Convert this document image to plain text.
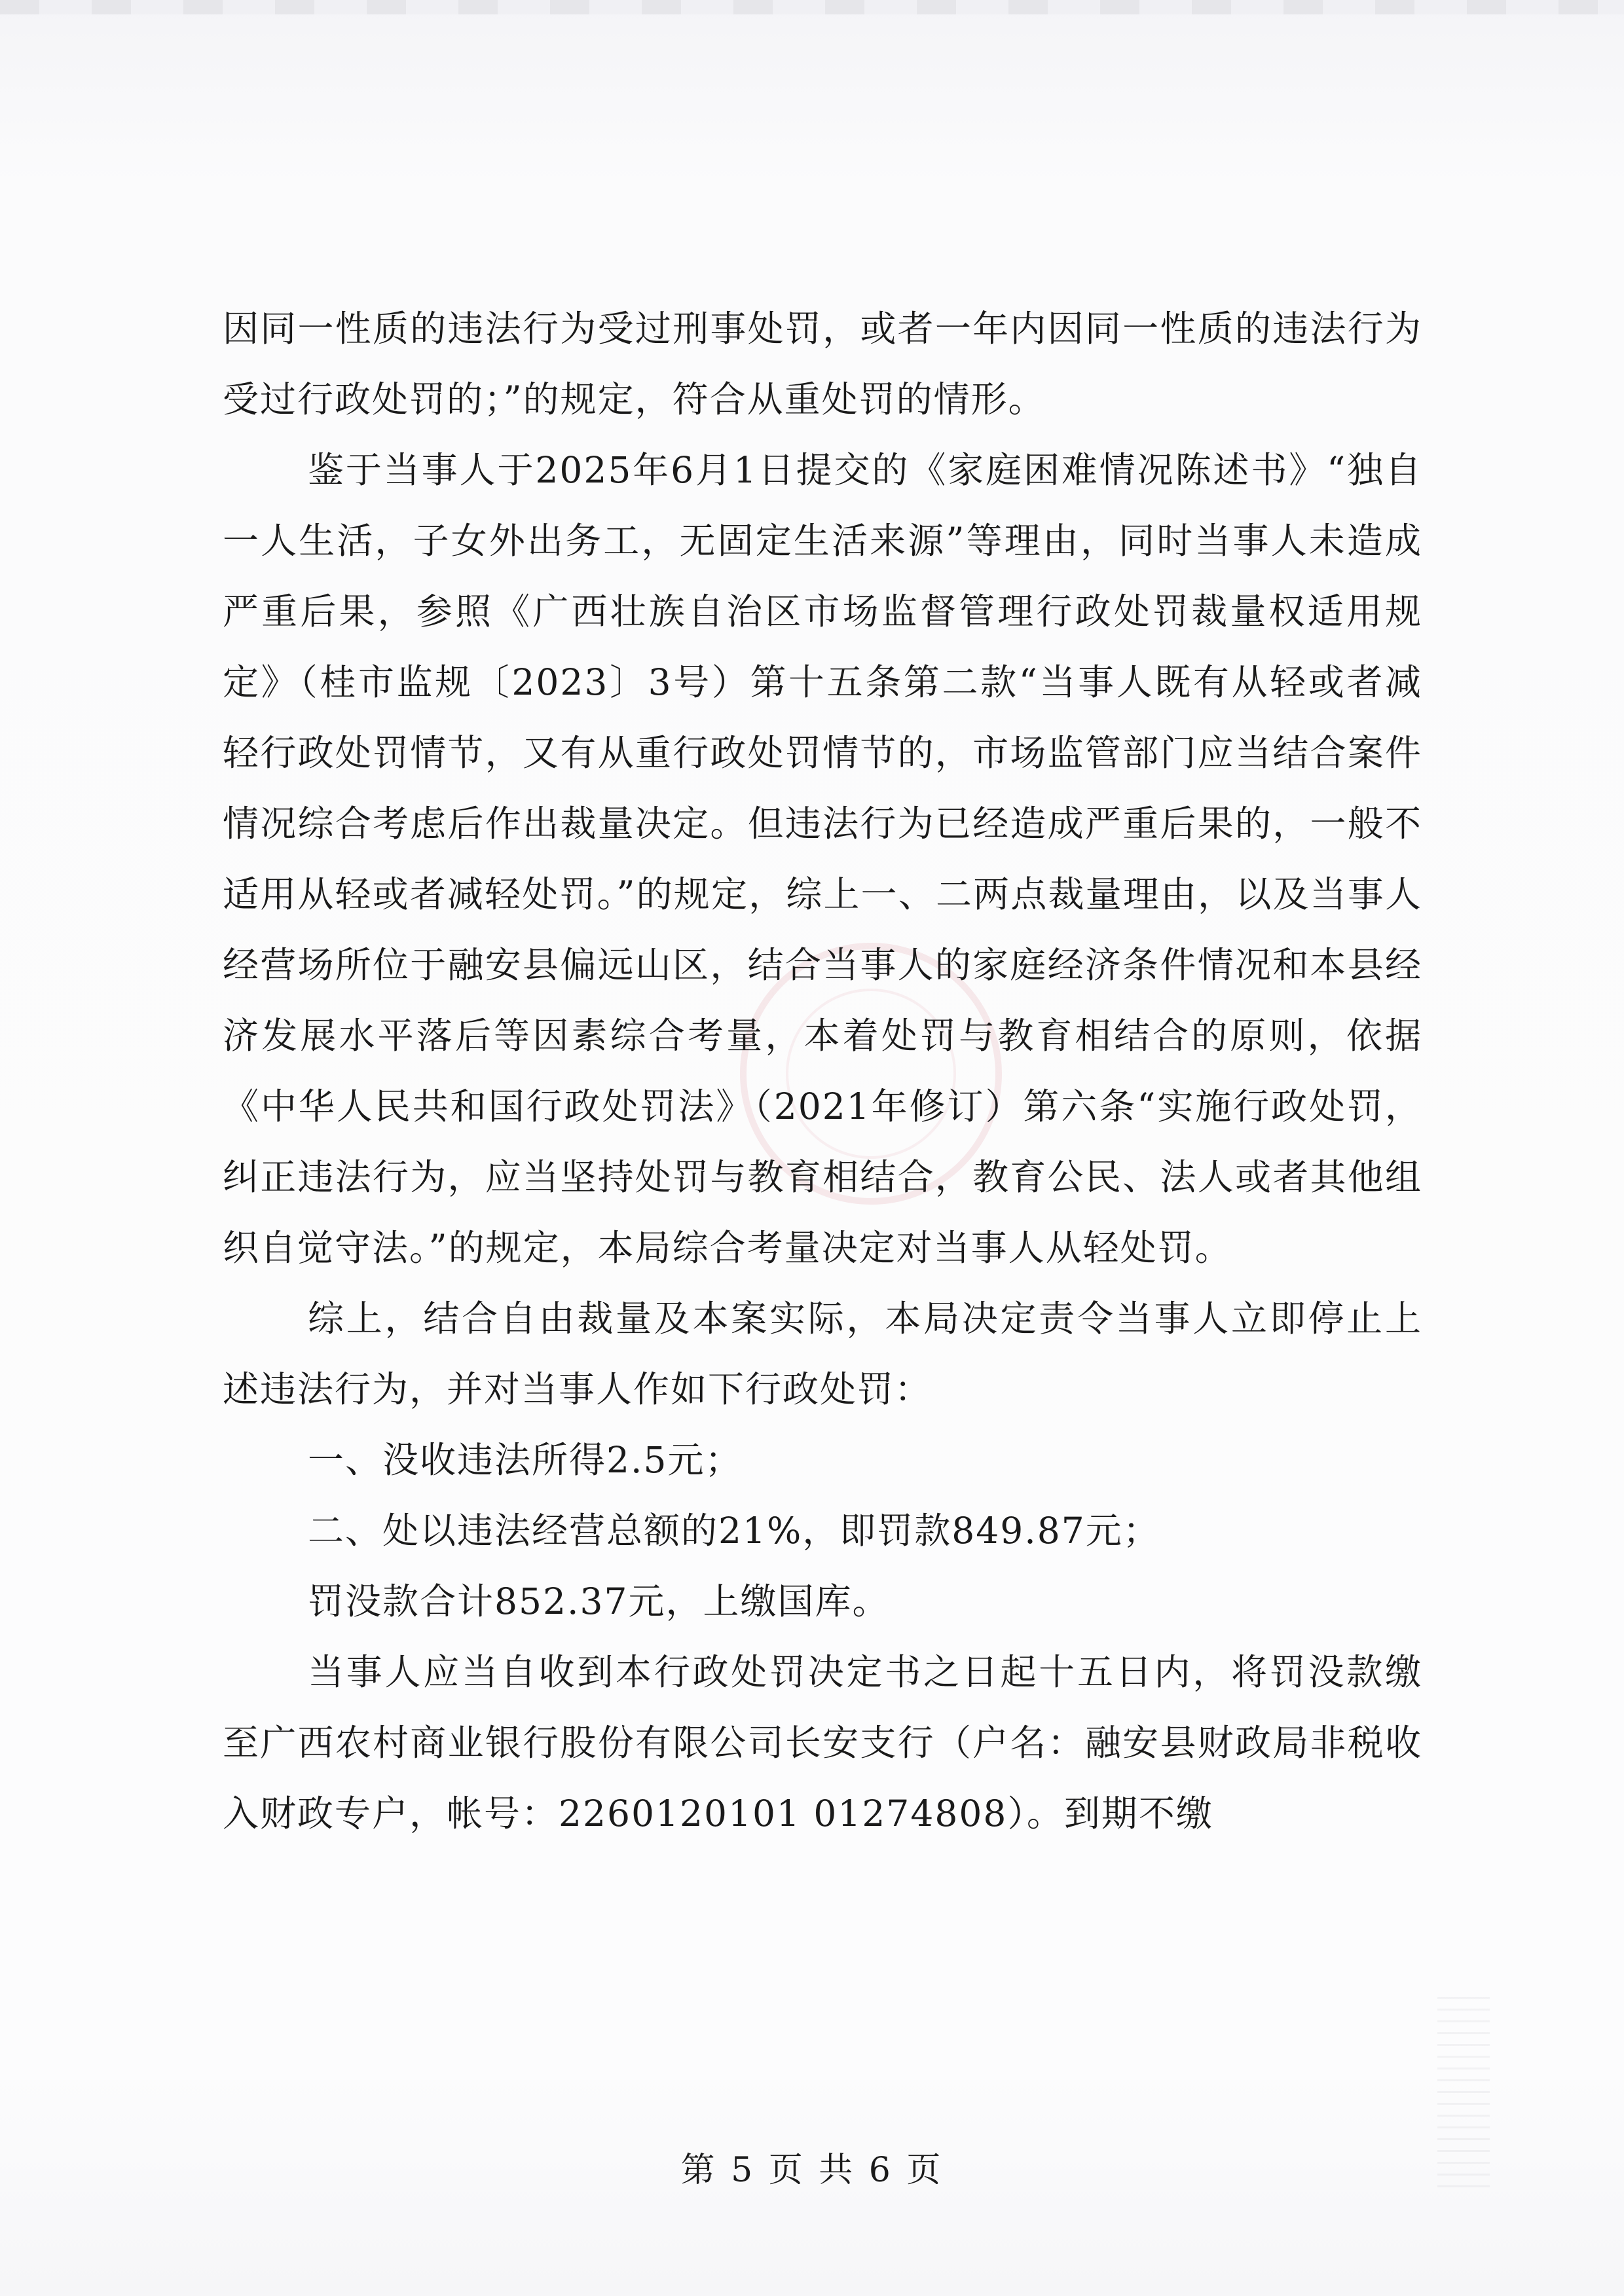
因同一性质的违法行为受过刑事处罚，或者一年内因同一性质的违法行为受过行政处罚的；”的规定，符合从重处罚的情形。

鉴于当事人于2025年6月1日提交的《家庭困难情况陈述书》“独自一人生活，子女外出务工，无固定生活来源”等理由，同时当事人未造成严重后果，参照《广西壮族自治区市场监督管理行政处罚裁量权适用规定》（桂市监规〔2023〕3号）第十五条第二款“当事人既有从轻或者减轻行政处罚情节，又有从重行政处罚情节的，市场监管部门应当结合案件情况综合考虑后作出裁量决定。但违法行为已经造成严重后果的，一般不适用从轻或者减轻处罚。”的规定，综上一、二两点裁量理由，以及当事人经营场所位于融安县偏远山区，结合当事人的家庭经济条件情况和本县经济发展水平落后等因素综合考量，本着处罚与教育相结合的原则，依据《中华人民共和国行政处罚法》（2021年修订）第六条“实施行政处罚，纠正违法行为，应当坚持处罚与教育相结合，教育公民、法人或者其他组织自觉守法。”的规定，本局综合考量决定对当事人从轻处罚。

综上，结合自由裁量及本案实际，本局决定责令当事人立即停止上述违法行为，并对当事人作如下行政处罚：

一、没收违法所得2.5元；

二、处以违法经营总额的21%，即罚款849.87元；

罚没款合计852.37元，上缴国库。

当事人应当自收到本行政处罚决定书之日起十五日内，将罚没款缴至广西农村商业银行股份有限公司长安支行（户名：融安县财政局非税收入财政专户，帐号：2260120101 01274808）。到期不缴

第 5 页 共 6 页
